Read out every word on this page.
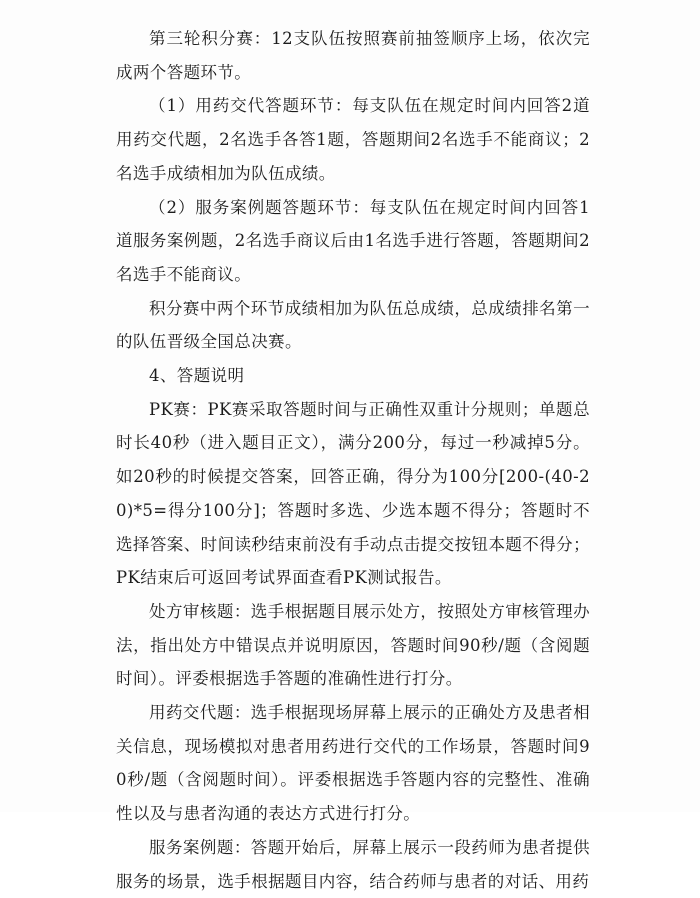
第三轮积分赛：12支队伍按照赛前抽签顺序上场，依次完成两个答题环节。

（1）用药交代答题环节：每支队伍在规定时间内回答2道用药交代题，2名选手各答1题，答题期间2名选手不能商议；2名选手成绩相加为队伍成绩。

（2）服务案例题答题环节：每支队伍在规定时间内回答1道服务案例题，2名选手商议后由1名选手进行答题，答题期间2名选手不能商议。

积分赛中两个环节成绩相加为队伍总成绩，总成绩排名第一的队伍晋级全国总决赛。

4、答题说明

PK赛：PK赛采取答题时间与正确性双重计分规则；单题总时长40秒（进入题目正文），满分200分，每过一秒减掉5分。如20秒的时候提交答案，回答正确，得分为100分[200-(40-20)*5=得分100分]；答题时多选、少选本题不得分；答题时不选择答案、时间读秒结束前没有手动点击提交按钮本题不得分；PK结束后可返回考试界面查看PK测试报告。

处方审核题：选手根据题目展示处方，按照处方审核管理办法，指出处方中错误点并说明原因，答题时间90秒/题（含阅题时间）。评委根据选手答题的准确性进行打分。

用药交代题：选手根据现场屏幕上展示的正确处方及患者相关信息，现场模拟对患者用药进行交代的工作场景，答题时间90秒/题（含阅题时间）。评委根据选手答题内容的完整性、准确性以及与患者沟通的表达方式进行打分。

服务案例题：答题开始后，屏幕上展示一段药师为患者提供服务的场景，选手根据题目内容，结合药师与患者的对话、用药
